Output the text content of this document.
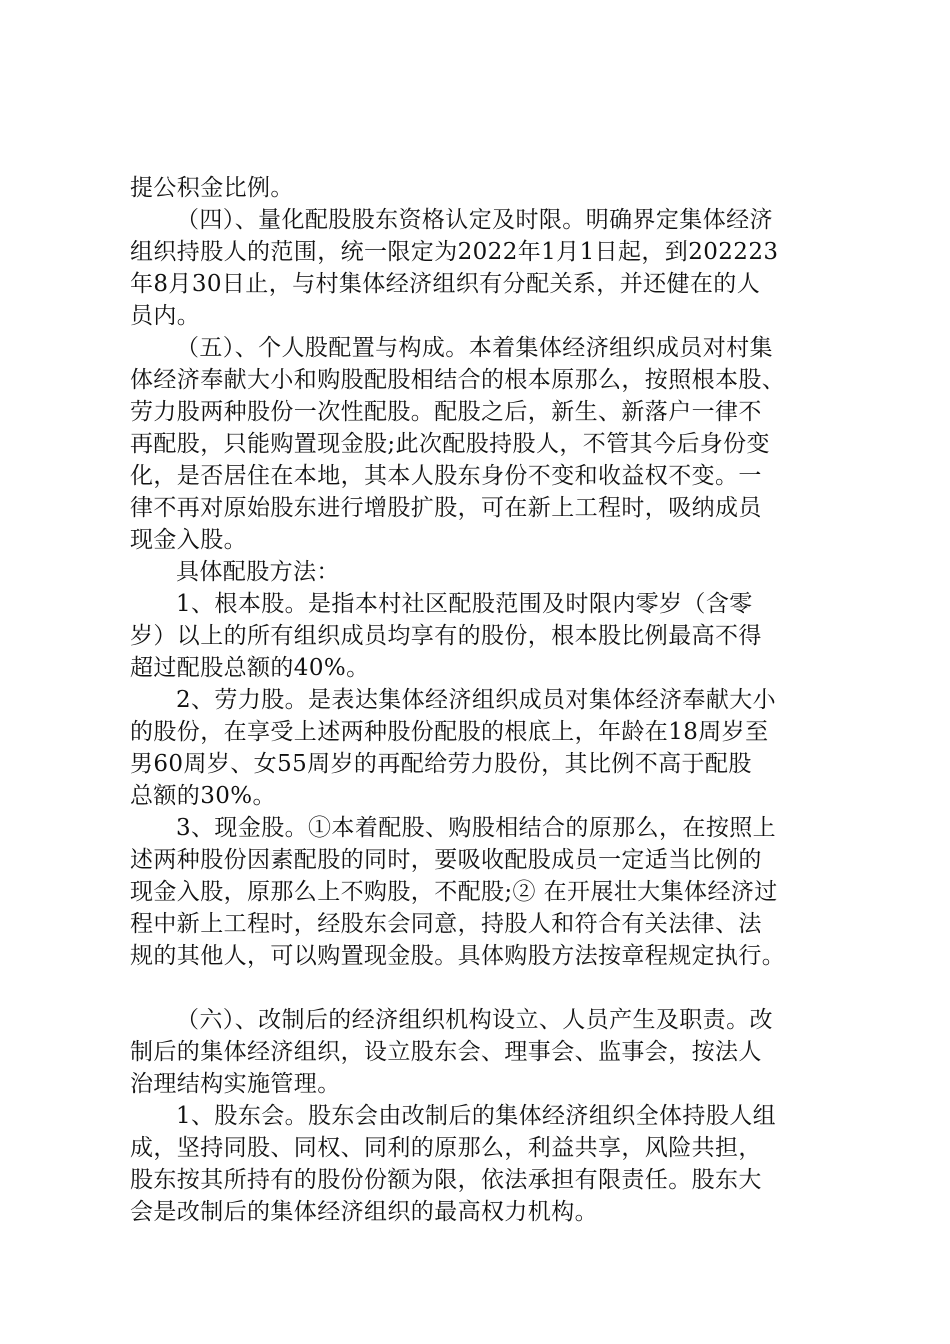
提公积金比例。
（四）、量化配股股东资格认定及时限。明确界定集体经济
组织持股人的范围，统一限定为2022年1月1日起，到202223
年8月30日止，与村集体经济组织有分配关系，并还健在的人
员内。
（五）、个人股配置与构成。本着集体经济组织成员对村集
体经济奉献大小和购股配股相结合的根本原那么，按照根本股、
劳力股两种股份一次性配股。配股之后，新生、新落户一律不
再配股，只能购置现金股;此次配股持股人，不管其今后身份变
化，是否居住在本地，其本人股东身份不变和收益权不变。一
律不再对原始股东进行增股扩股，可在新上工程时，吸纳成员
现金入股。
具体配股方法：
1、根本股。是指本村社区配股范围及时限内零岁（含零
岁）以上的所有组织成员均享有的股份，根本股比例最高不得
超过配股总额的40%。
2、劳力股。是表达集体经济组织成员对集体经济奉献大小
的股份，在享受上述两种股份配股的根底上，年龄在18周岁至
男60周岁、女55周岁的再配给劳力股份，其比例不高于配股
总额的30%。
3、现金股。①本着配股、购股相结合的原那么，在按照上
述两种股份因素配股的同时，要吸收配股成员一定适当比例的
现金入股，原那么上不购股，不配股;② 在开展壮大集体经济过
程中新上工程时，经股东会同意，持股人和符合有关法律、法
规的其他人，可以购置现金股。具体购股方法按章程规定执行。
（六）、改制后的经济组织机构设立、人员产生及职责。改
制后的集体经济组织，设立股东会、理事会、监事会，按法人
治理结构实施管理。
1、股东会。股东会由改制后的集体经济组织全体持股人组
成，坚持同股、同权、同利的原那么，利益共享，风险共担，
股东按其所持有的股份份额为限，依法承担有限责任。股东大
会是改制后的集体经济组织的最高权力机构。
